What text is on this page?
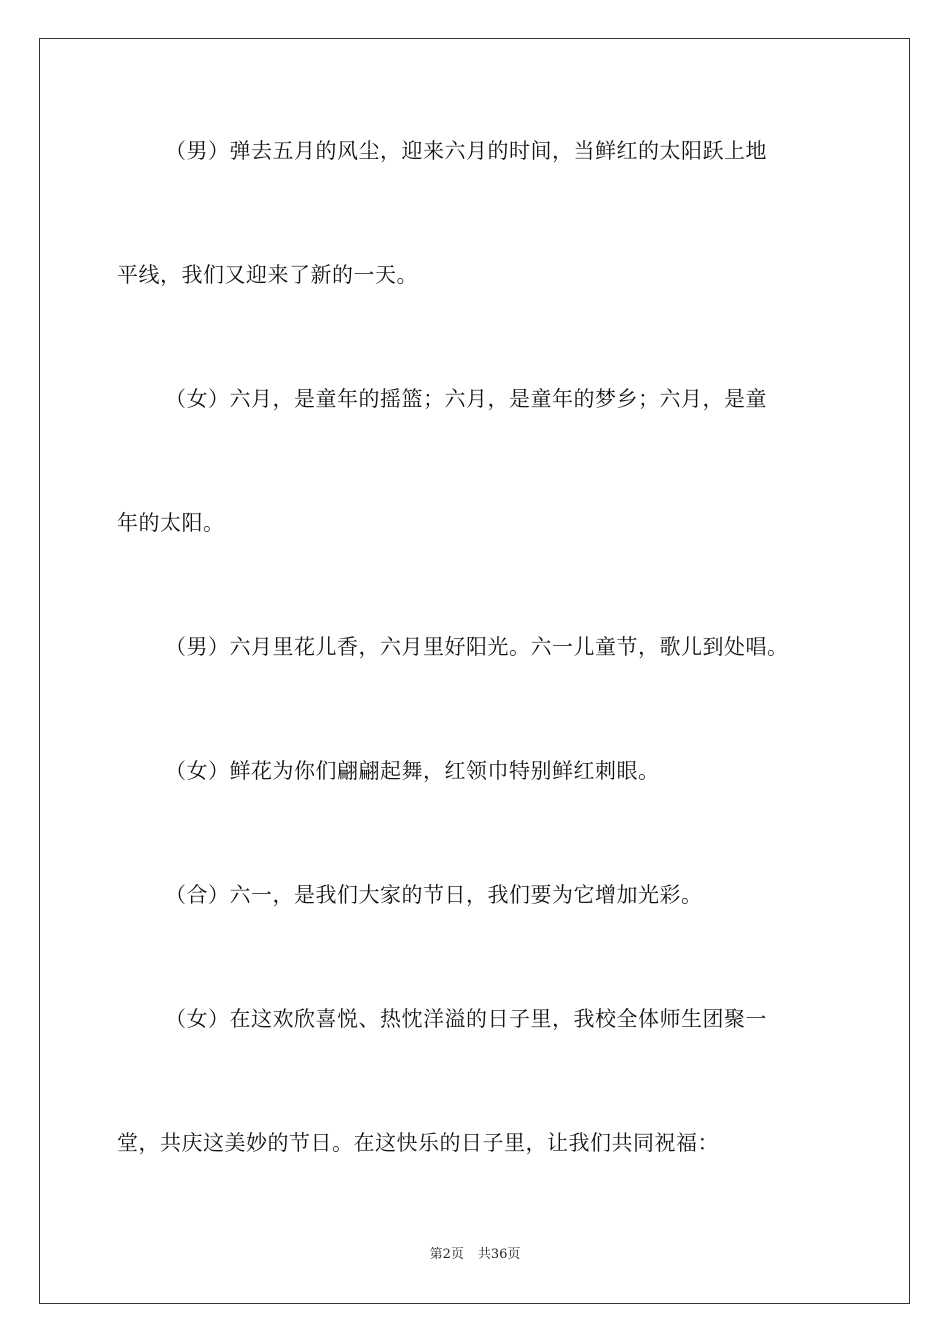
（男）弹去五月的风尘，迎来六月的时间，当鲜红的太阳跃上地
平线，我们又迎来了新的一天。
（女）六月，是童年的摇篮；六月，是童年的梦乡；六月，是童
年的太阳。
（男）六月里花儿香，六月里好阳光。六一儿童节，歌儿到处唱。
（女）鲜花为你们翩翩起舞，红领巾特别鲜红刺眼。
（合）六一，是我们大家的节日，我们要为它增加光彩。
（女）在这欢欣喜悦、热忱洋溢的日子里，我校全体师生团聚一
堂，共庆这美妙的节日。在这快乐的日子里，让我们共同祝福：
第2页 共36页
